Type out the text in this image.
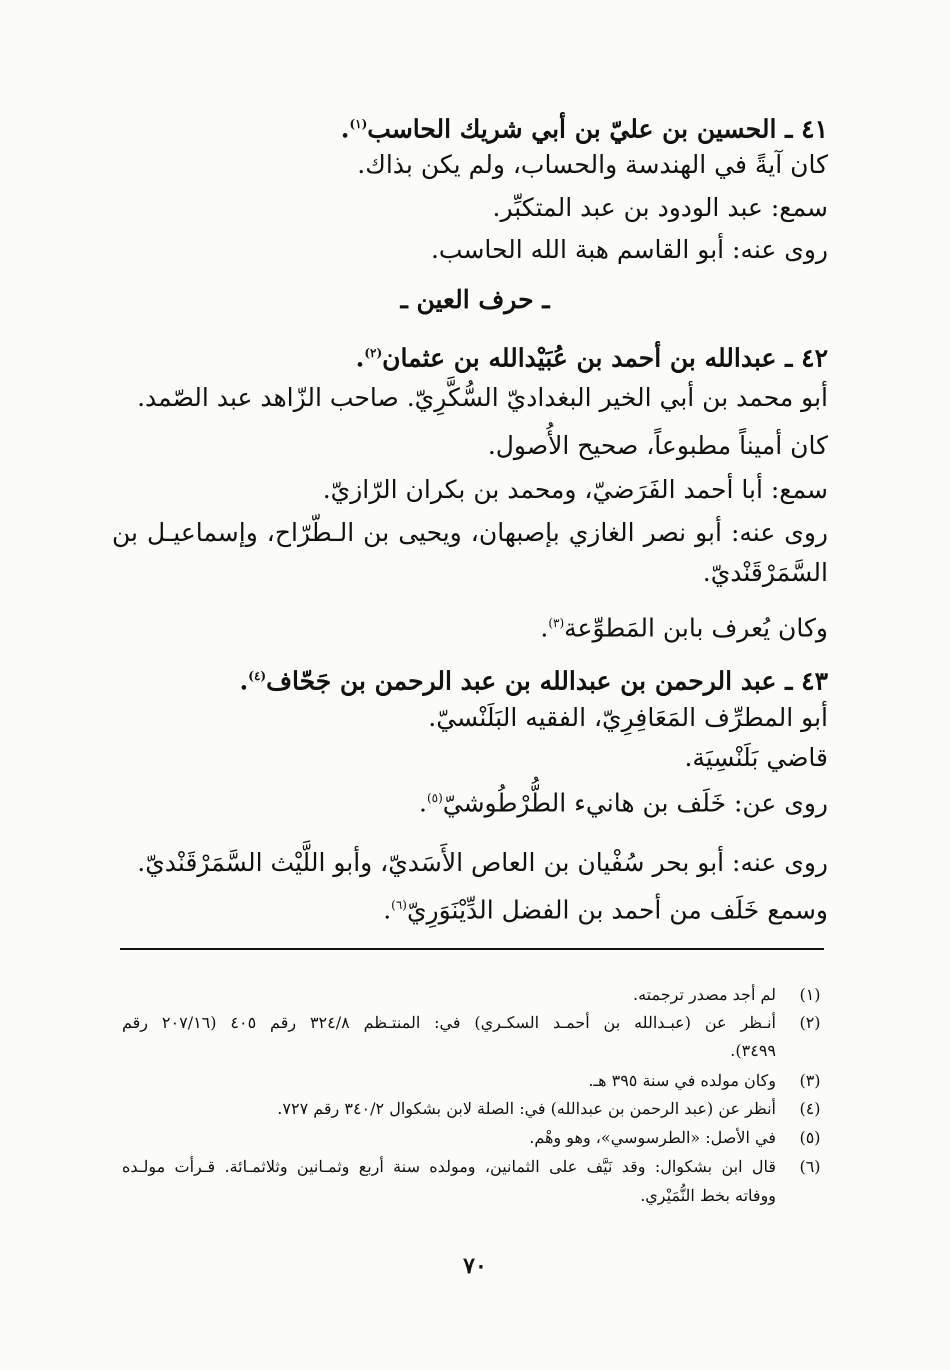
٤١ ـ الحسين بن عليّ بن أبي شريك الحاسب$^{(١)}$.
كان آيةً في الهندسة والحساب، ولم يكن بذاك.
سمع: عبد الودود بن عبد المتكبِّر.
روى عنه: أبو القاسم هبة الله الحاسب.
ـ حرف العين ـ
٤٢ ـ عبدالله بن أحمد بن عُبَيْدالله بن عثمان$^{(٢)}$.
أبو محمد بن أبي الخير البغداديّ السُّكَّرِيّ. صاحب الزّاهد عبد الصّمد.
كان أميناً مطبوعاً، صحيح الأُصول.
سمع: أبا أحمد الفَرَضيّ، ومحمد بن بكران الرّازيّ.
روى عنه: أبو نصر الغازي بإصبهان، ويحيى بن الـطّرّاح، وإسماعيـل بن
السَّمَرْقَنْديّ.
وكان يُعرف بابن المَطوِّعة$^{(٣)}$.
٤٣ ـ عبد الرحمن بن عبدالله بن عبد الرحمن بن جَحّاف$^{(٤)}$.
أبو المطرِّف المَعَافِرِيّ، الفقيه البَلَنْسيّ.
قاضي بَلَنْسِيَة.
روى عن: خَلَف بن هانيء الطُّرْطُوشيّ$^{(٥)}$.
روى عنه: أبو بحر سُفْيان بن العاص الأَسَديّ، وأبو اللَّيْث السَّمَرْقَنْديّ.
وسمع خَلَف من أحمد بن الفضل الدِّيْنَوَرِيّ$^{(٦)}$.
(١)
لم أجد مصدر ترجمته.
(٢)
أنـظر عن (عبـدالله بن أحمـد السكـري) في: المنتـظم ٣٢٤/٨ رقم ٤٠٥ (٢٠٧/١٦ رقم
٣٤٩٩).
(٣)
وكان مولده في سنة ٣٩٥ هـ.
(٤)
أنظر عن (عبد الرحمن بن عبدالله) في: الصلة لابن بشكوال ٣٤٠/٢ رقم ٧٢٧.
(٥)
في الأصل: «الطرسوسي»، وهو وهْم.
(٦)
قال ابن بشكوال: وقد نَيَّف على الثمانين، ومولده سنة أربع وثمـانين وثلاثمـائة. قـرأت مولـده
ووفاته بخط النُّمَيْري.
٧٠
